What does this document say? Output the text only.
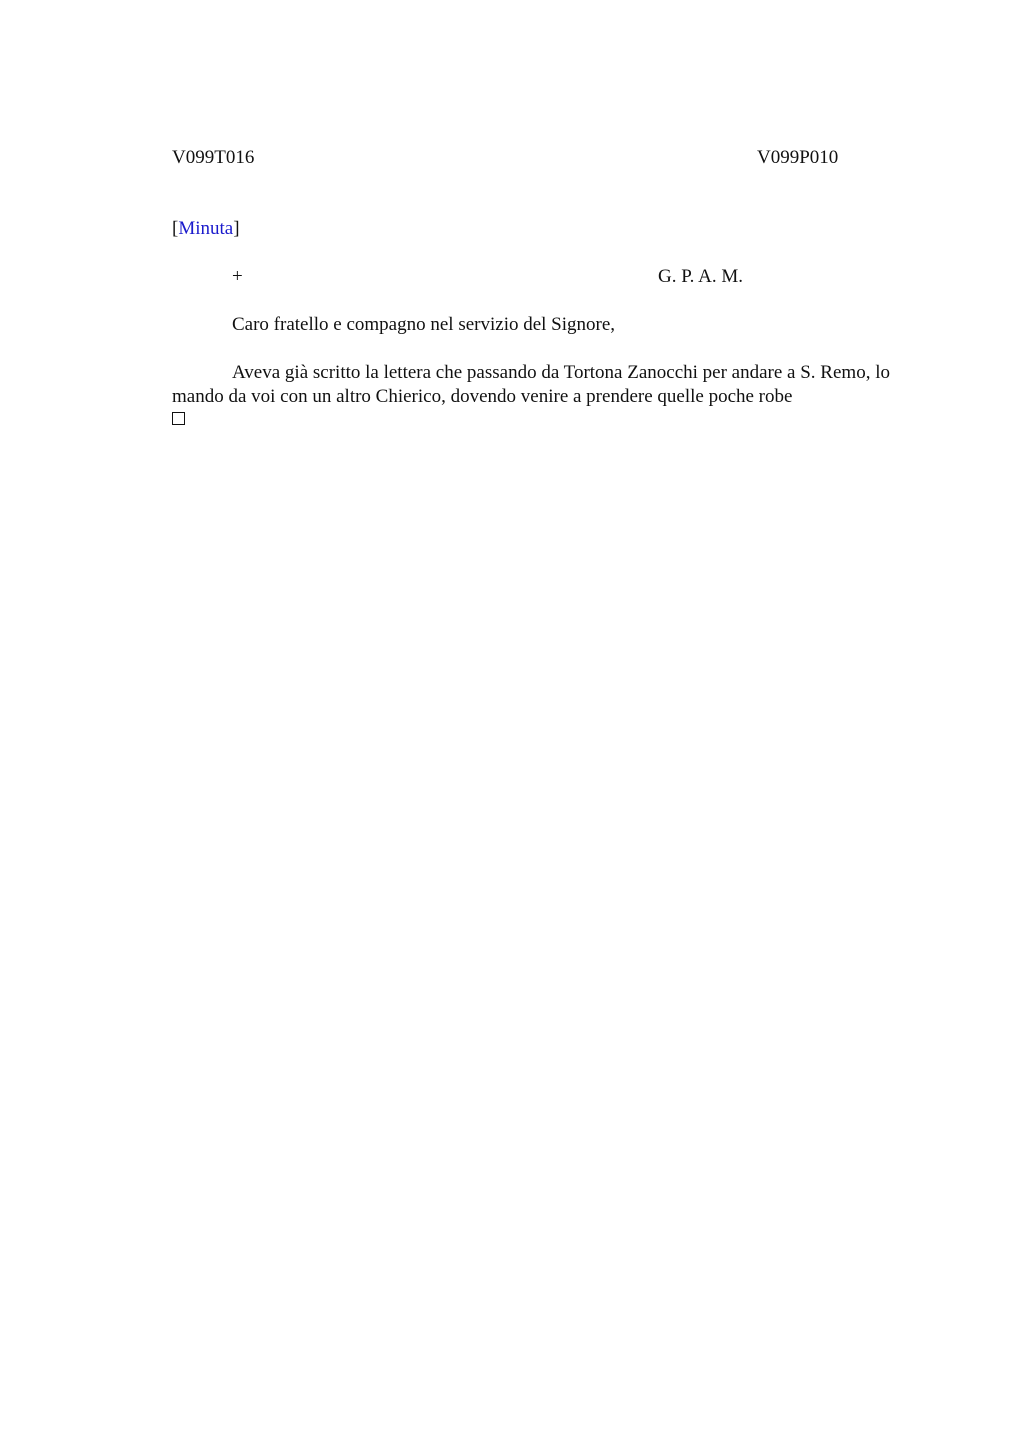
V099T016	V099P010
[Minuta]
+	G. P. A. M.
Caro fratello e compagno nel servizio del Signore,
Aveva già scritto la lettera che passando da Tortona Zanocchi per andare a S. Remo, lo mando da voi con un altro Chierico, dovendo venire a prendere quelle poche robe
